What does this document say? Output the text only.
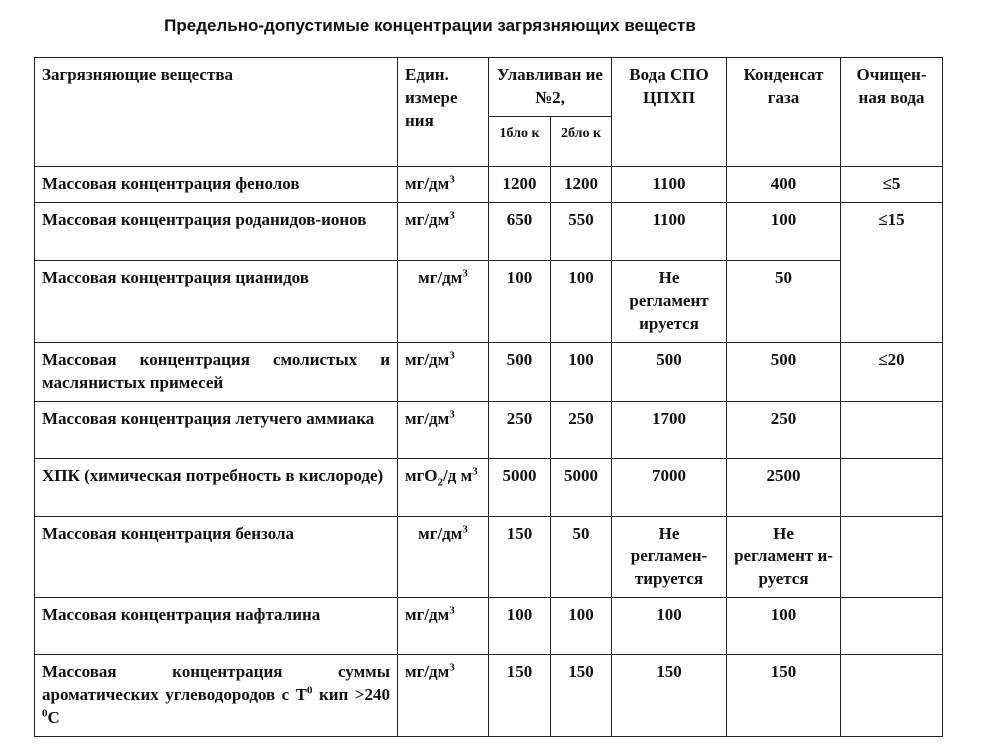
Предельно-допустимые концентрации загрязняющих веществ
Загрязняющие вещества	Един. измере ния	Улавливан ие №2,		Вода СПО ЦПХП	Конденсат газа	Очищен-ная вода
		1бло к	2бло к			
Массовая концентрация фенолов	$мг/дм^3$	1200	1200	1100	400	≤5
Массовая концентрация роданидов-ионов	$мг/дм^3$	650	550	1100	100	≤15
Массовая концентрация цианидов	$мг/дм^3$	100	100	Не регламент ируется	50	
Массовая концентрация смолистых и маслянистых примесей	$мг/дм^3$	500	100	500	500	≤20
Массовая концентрация летучего аммиака	$мг/дм^3$	250	250	1700	250	
ХПК (химическая потребность в кислороде)	мгО$_2$/д $м^3$	5000	5000	7000	2500	
Массовая концентрация бензола	$мг/дм^3$	150	50	Не регламен-тируется	Не регламент и-руется	
Массовая концентрация нафталина	$мг/дм^3$	100	100	100	100	
Массовая концентрация суммы ароматических углеводородов с $Т^0$ кип >240 $^0$С	$мг/дм^3$	150	150	150	150	
